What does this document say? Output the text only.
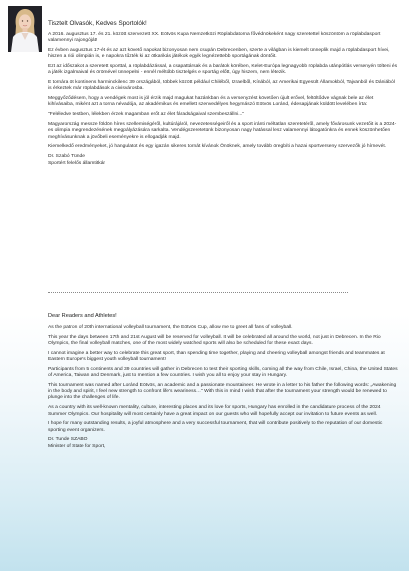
Tisztelt Olvasók, Kedves Sportolók!

A 2016. augusztus 17. és 21. között szervezett XX. Eötvös Kupa Nemzetközi Röplabdatorna fővédnökeként nagy szeretettel köszöntöm a röplabdasport valamennyi rajongóját!

Ez évben augusztus 17-ét és az azt követő napokat bizonyosan nem csupán Debrecenben, szerte a világban is kiemelt ünneplik majd a röplabdasport hívei, hiszen a riói olimpián is, e napokra tűzték ki az ötkarikás játékok egyik legnézettebb sportágának döntőit.

Ezt az időszakot a szeretett sporttal, a röplabdázással, a csapattársak és a barátok körében, Kelet-Európa legnagyobb röplabda utánpótlás versenyén tölteni és a játék izgalmaival és örömével ünnepelni - ennél méltóbb tisztelgés e sportág előtt, úgy hiszem, nem létezik.

E tornára öt kontinens harminckilenc 39 országából, többek között például Chiléből, Izraelből, Kínából, az Amerikai Egyesült Államokból, Tajvanból és Dániából is érkeztek már röplabdások a civisvárosba.

Meggyőződésem, hogy a vendégek most is jól érzik majd magukat hazánkban és a versenyzést követően újult erővel, feltöltődve vágnak bele az élet kihívásaiba, miként azt a torna névadója, az akadémikus és emellett szenvedélyes hegymászó Eötvös Loránd, édesapjának küldött levelében írta:

"Feléledve testben, lélekben érzek magamban erőt az élet fáradságaival szembeszállni..."

Magyarország messze földön híres szellemiségéről, kultúrájáról, nevezetességeiről és a sport iránti méltatlan szeretetéről, amely fővárosunk vezetőit is a 2024-es olimpia megrendezésének megpályázására sarkalta. Vendégszeretetünk bizonyosan nagy hatással lesz valamennyi látogatónkra és ennek köszönhetően meghívásunknak a jövőbeli eseményekre is ellogadják majd.

Kiemelkedő eredményeket, jó hangulatot és egy igazán sikeres tornát kívánok Önöknek, amely tovább öregbíti a hazai sportverseny szervezők jó hírnevét.

Dr. Szabó Tünde
Sportért felelős államtitkár
Dear Readers and Athletes!

As the patron of 20th international volleyball tournament, the Eötvös Cup, allow me to greet all fans of volleyball.

This year the days between 17th and 21st August will be reserved for volleyball. It will be celebrated all around the world, not just in Debrecen. In the Rio Olympics, the final volleyball matches, one of the most widely watched sports will also be scheduled for these exact days.

I cannot imagine a better way to celebrate this great sport, than spending time together, playing and cheering volleyball amongst friends and teammates at Eastern Europe's biggest youth volleyball tournament!

Participants from 5 continents and 39 countries will gather in Debrecen to test their sporting skills, coming all the way from Chile, Israel, China, the United States of America, Taiwan and Denmark, just to mention a few countries. I wish you all to enjoy your stay in Hungary.

This tournament was named after Loránd Eötvös, an academic and a passionate mountaineer. He wrote in a letter to his father the following words: „Awakening in the body and spirit, I feel new strength to confront life's weariness…" With this in mind I wish that after the tournament your strength would be renewed to plunge into the challenges of life.

As a country with its well-known mentality, culture, interesting places and its love for sports, Hungary has enrolled in the candidature process of the 2024 Summer Olympics. Our hospitality will most certainly have a great impact on our guests who will hopefully accept our invitation to future events as well.

I hope for many outstanding results, a joyful atmosphere and a very successful tournament, that will contribute positively to the reputation of our domestic sporting event organizers.

Dr. Tunde SZABO
Minister of State for Sport,
